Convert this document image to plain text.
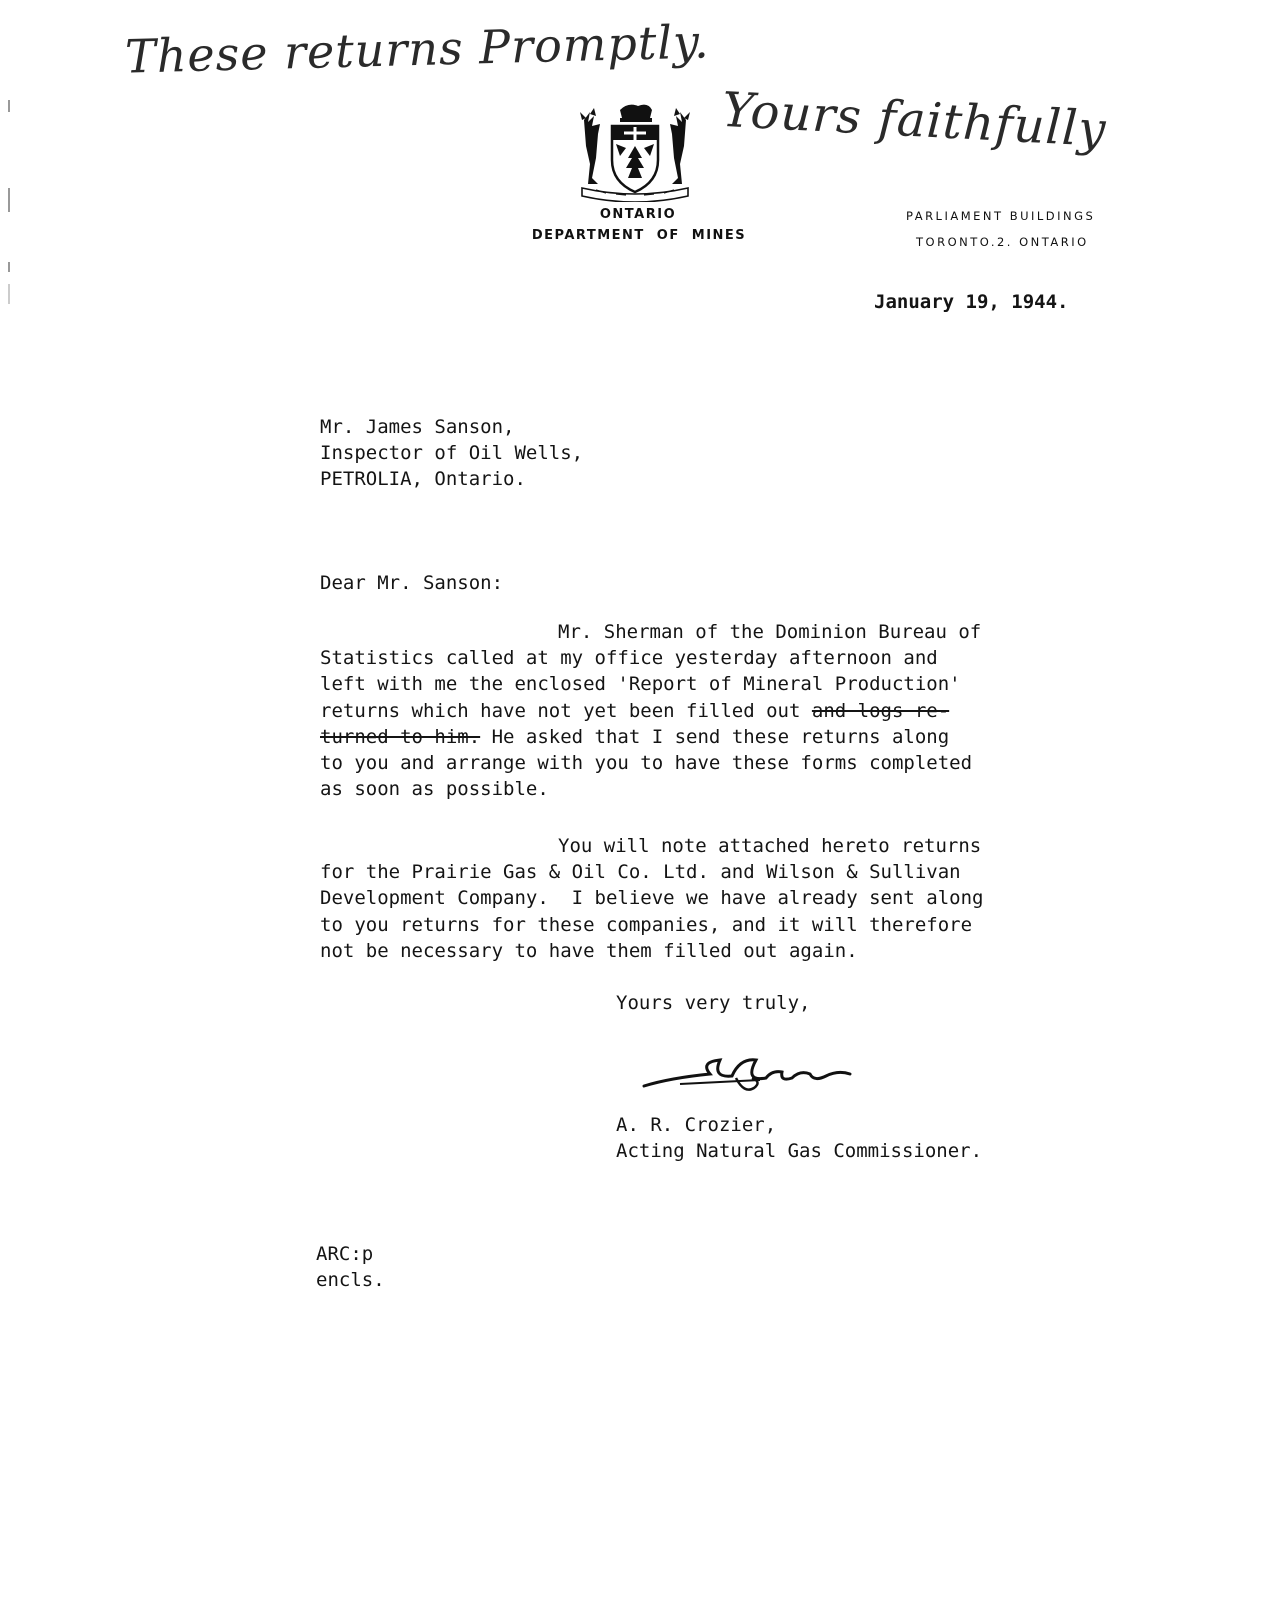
These returns Promptly.
Yours faithfully
ONTARIO
DEPARTMENT OF MINES
PARLIAMENT BUILDINGS
TORONTO.2. ONTARIO
January 19, 1944.
Mr. James Sanson,
Inspector of Oil Wells,
PETROLIA, Ontario.
Dear Mr. Sanson:
Mr. Sherman of the Dominion Bureau of
Statistics called at my office yesterday afternoon and
left with me the enclosed 'Report of Mineral Production'
returns which have not yet been filled out and logs re-
turned to him. He asked that I send these returns along
to you and arrange with you to have these forms completed
as soon as possible.
You will note attached hereto returns
for the Prairie Gas & Oil Co. Ltd. and Wilson & Sullivan
Development Company.  I believe we have already sent along
to you returns for these companies, and it will therefore
not be necessary to have them filled out again.
Yours very truly,
A. R. Crozier,
Acting Natural Gas Commissioner.
ARC:p
encls.
